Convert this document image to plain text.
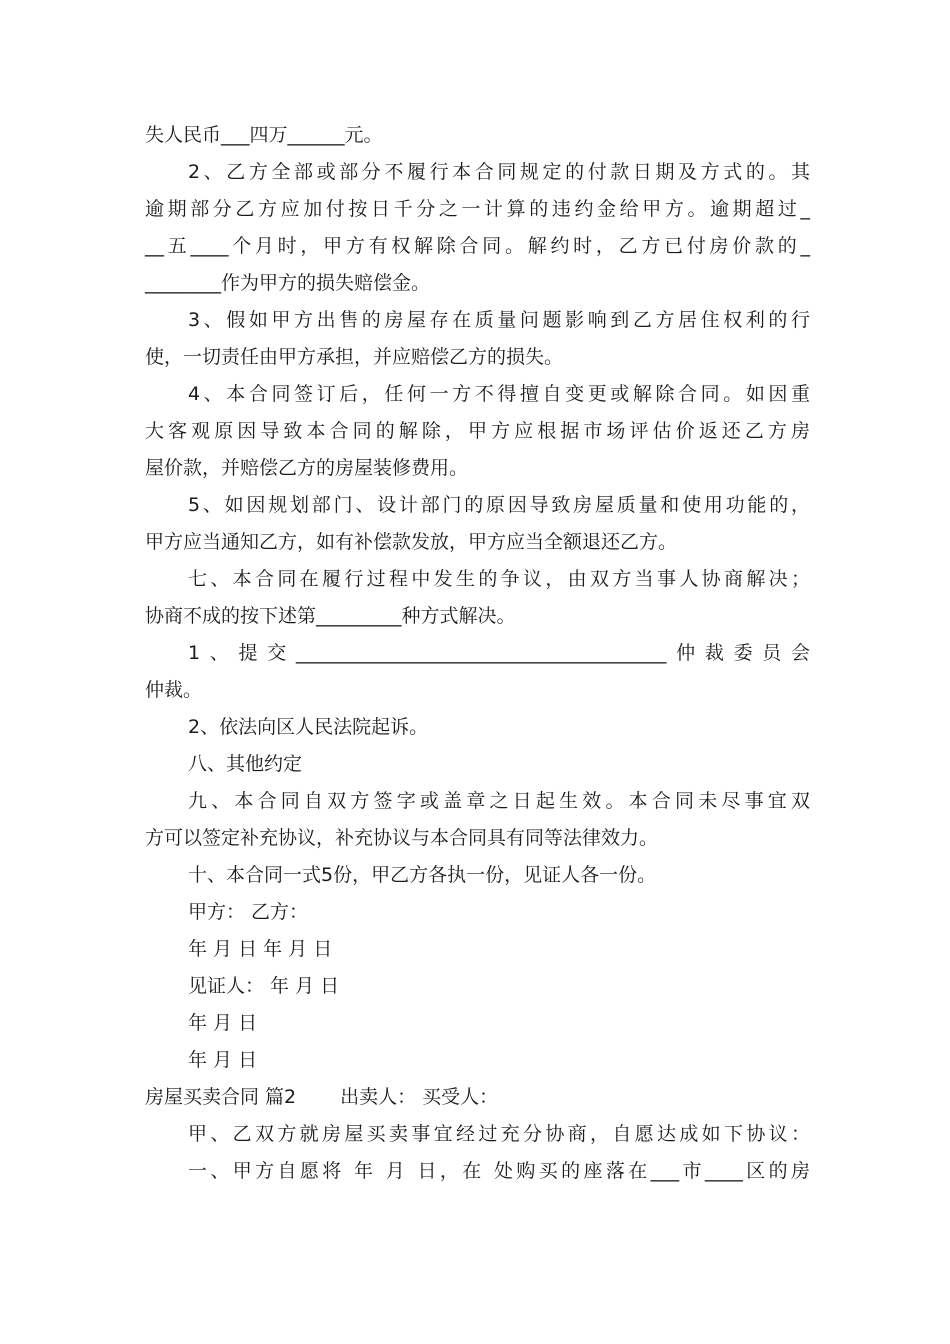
失人民币___四万______元。
2、乙方全部或部分不履行本合同规定的付款日期及方式的。其
逾期部分乙方应加付按日千分之一计算的违约金给甲方。逾期超过_
__五____个月时，甲方有权解除合同。解约时，乙方已付房价款的_
________作为甲方的损失赔偿金。
3、假如甲方出售的房屋存在质量问题影响到乙方居住权利的行
使，一切责任由甲方承担，并应赔偿乙方的损失。
4、本合同签订后，任何一方不得擅自变更或解除合同。如因重
大客观原因导致本合同的解除，甲方应根据市场评估价返还乙方房
屋价款，并赔偿乙方的房屋装修费用。
5、如因规划部门、设计部门的原因导致房屋质量和使用功能的，
甲方应当通知乙方，如有补偿款发放，甲方应当全额退还乙方。
七、本合同在履行过程中发生的争议，由双方当事人协商解决；
协商不成的按下述第_________种方式解决。
1、提交_______________________________________仲裁委员会
仲裁。
2、依法向区人民法院起诉。
八、其他约定
九、本合同自双方签字或盖章之日起生效。本合同未尽事宜双
方可以签定补充协议，补充协议与本合同具有同等法律效力。
十、本合同一式5份，甲乙方各执一份，见证人各一份。
甲方： 乙方：
年 月 日 年 月 日
见证人： 年 月 日
年 月 日
年 月 日
房屋买卖合同 篇2 出卖人： 买受人：
甲、乙双方就房屋买卖事宜经过充分协商，自愿达成如下协议：
一、甲方自愿将 年 月 日，在 处购买的座落在___市____区的房
